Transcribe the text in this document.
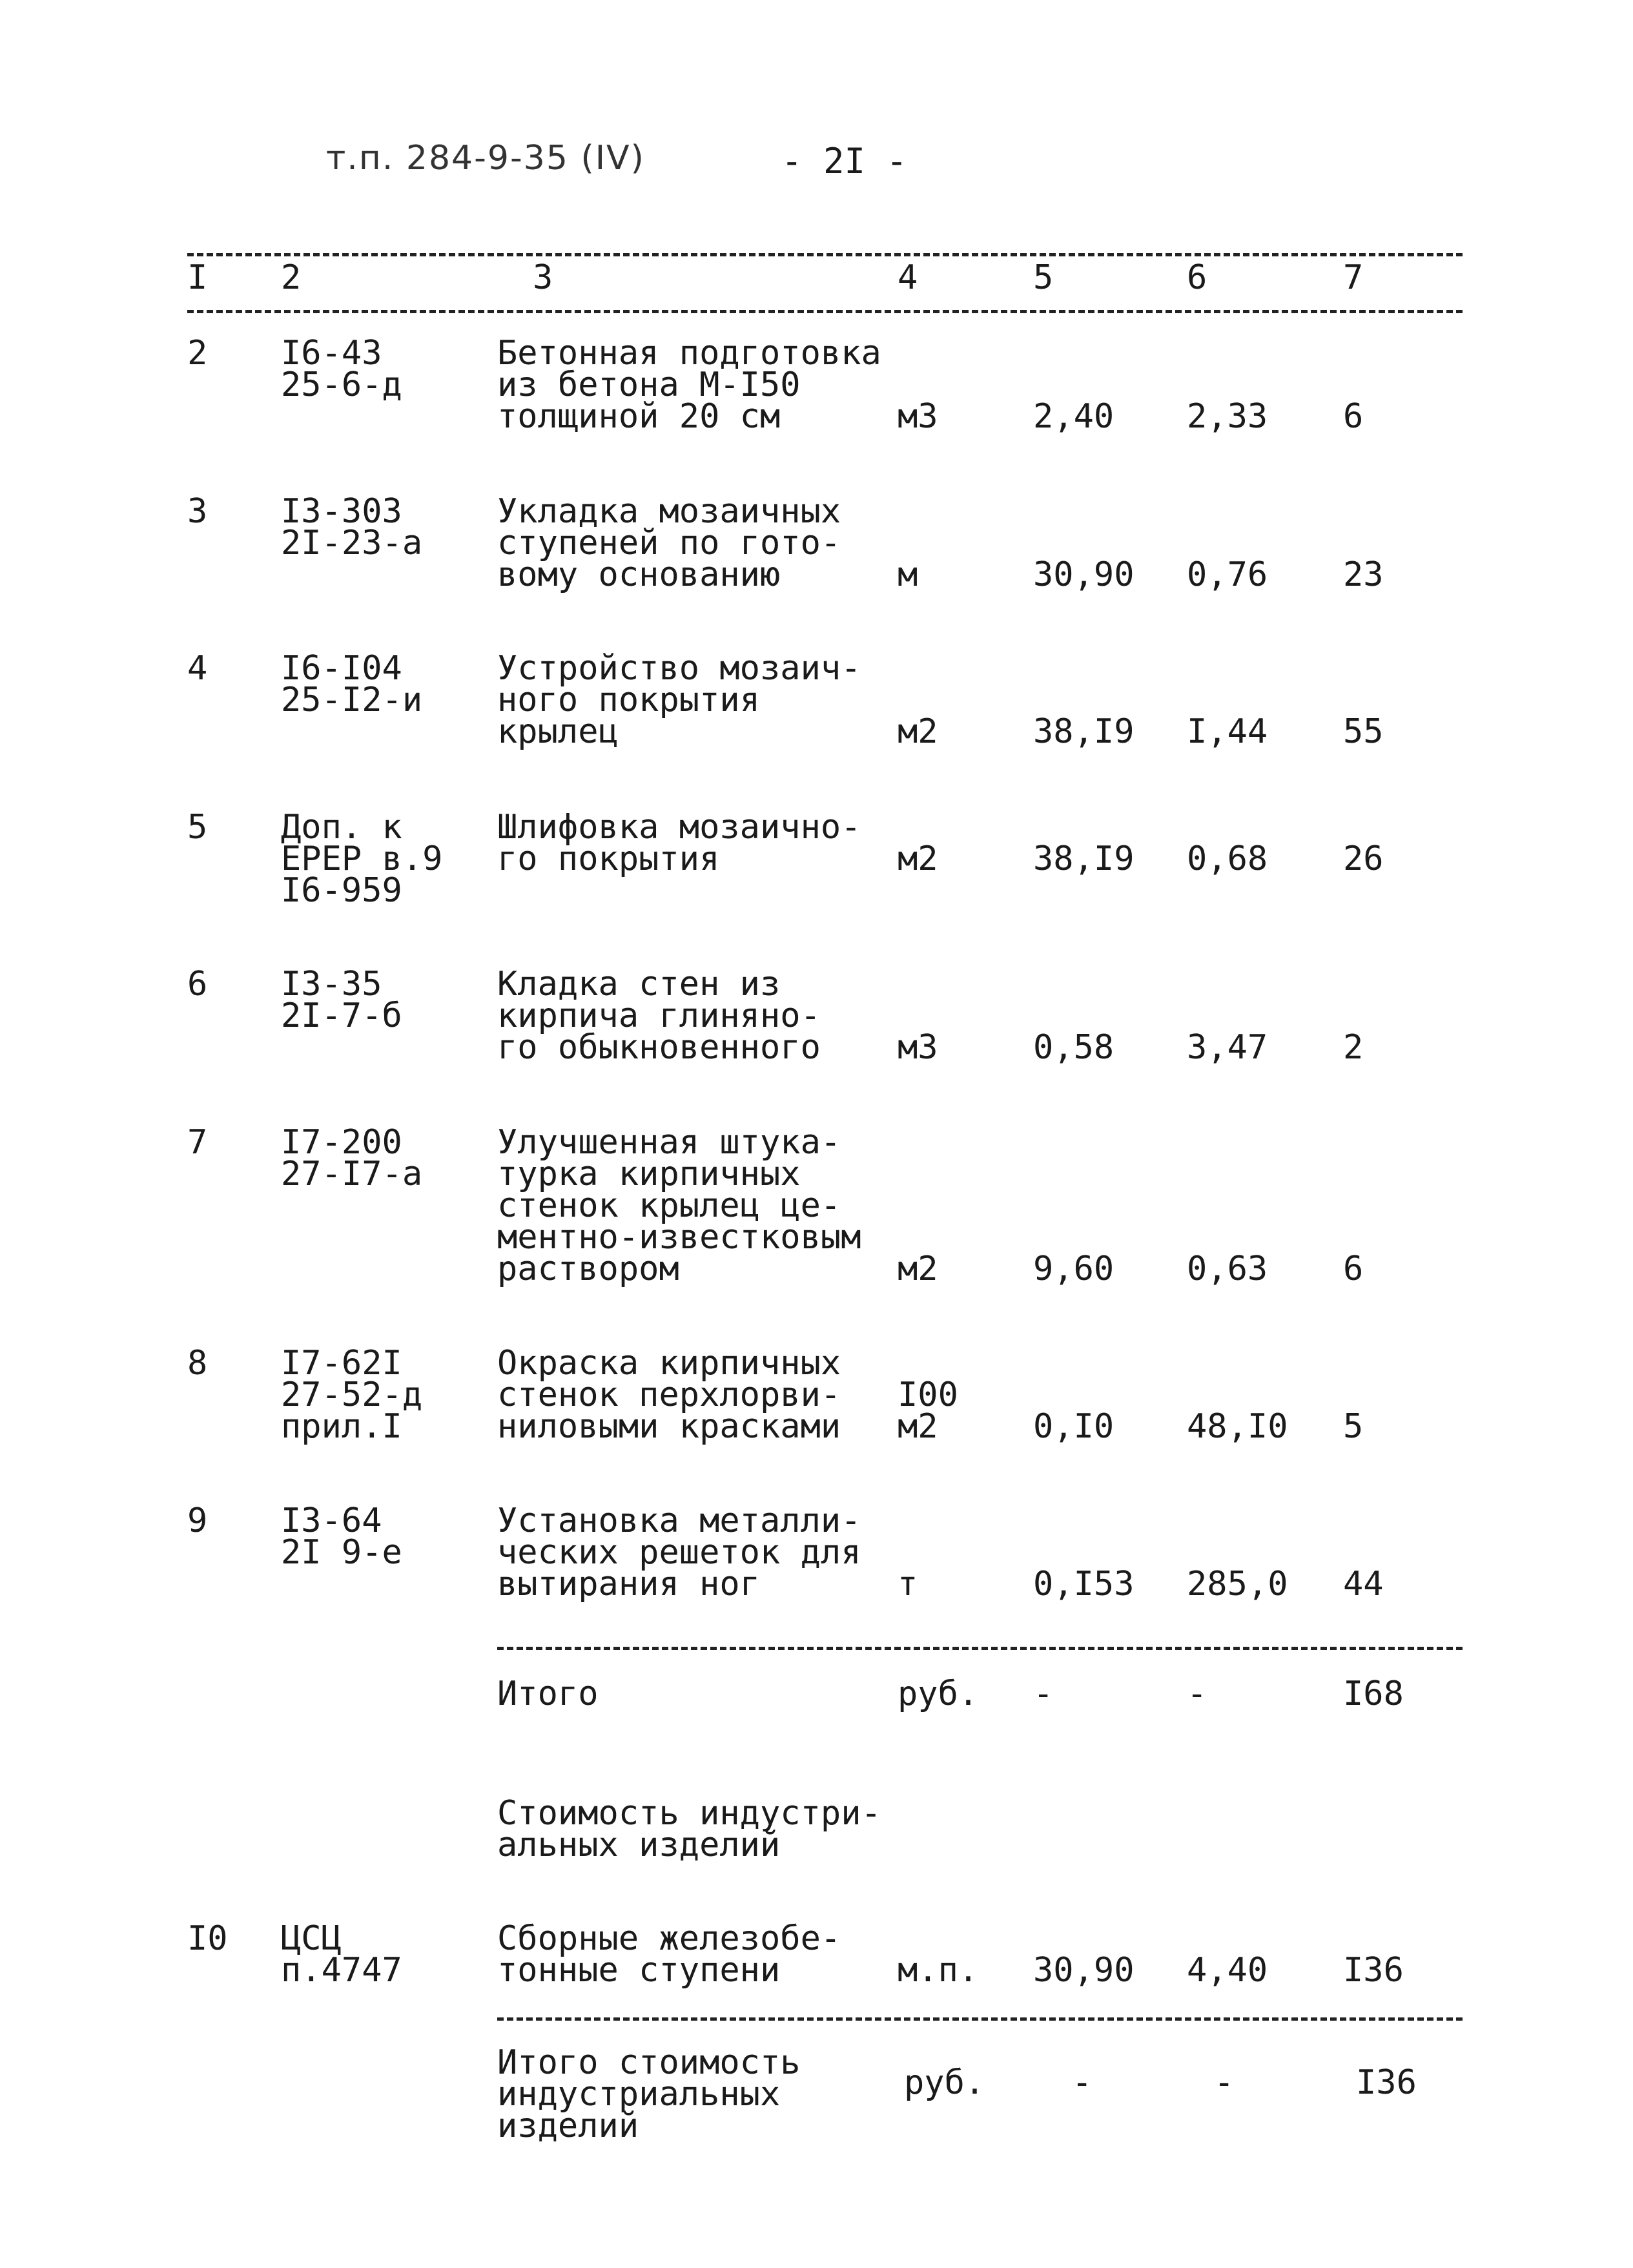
т.п. 284-9-35 (IV)	- 2I -
I 2	3	4	5	6	7
2 I6-43
25-6-д
Бетонная подготовка
из бетона М-I50
толщиной 20 см	м3	2,40 2,33 6
3 I3-303
2I-23-а
Укладка мозаичных
ступеней по гото-
вому основанию	м	30,90 0,76 23
4 I6-I04
25-I2-и
Устройство мозаич-
ного покрытия
крылец	м2	38,I9 I,44 55
5 Доп. к
ЕРЕР в.9
I6-959
Шлифовка мозаично-
го покрытия	м2	38,I9 0,68 26
6 I3-35
2I-7-б
Кладка стен из
кирпича глиняно-
го обыкновенного м3	0,58 3,47 2
7 I7-200
27-I7-а
Улучшенная штука-
турка кирпичных
стенок крылец це-
ментно-известковым
раствором	м2	9,60 0,63 6
8 I7-62I
27-52-д
прил.I
Окраска кирпичных
стенок перхлорви-
ниловыми красками
I00
м2	0,I0 48,I0 5
9 I3-64
2I 9-е
Установка металли-
ческих решеток для
вытирания ног	т	0,I53 285,0 44
Итого	руб. -	-	I68
Стоимость индустри-
альных изделий
I0 ЦСЦ
п.4747
Сборные железобе-
тонные ступени	м.п. 30,90 4,40 I36
Итого стоимость
индустриальных
изделий
руб.	-	-	I36
